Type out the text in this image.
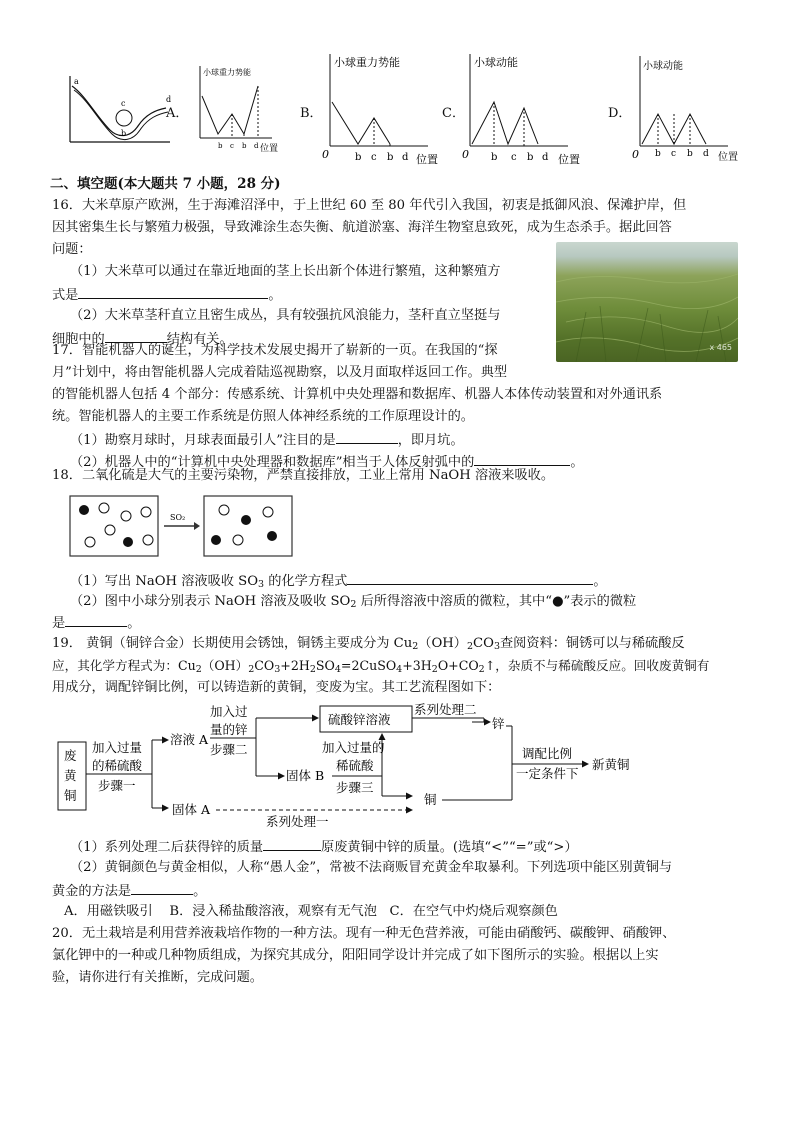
a
c
b
d
A．
小球重力势能
b c b d 位置
B．
小球重力势能
0	b c b d 位置
C．
小球动能
0 b c b d 位置
D．
小球动能
0 b c b d 位置
二、填空题(本大题共 7 小题，28 分)
16．大米草原产欧洲，生于海滩沼泽中，于上世纪 60 至 80 年代引入我国，初衷是抵御风浪、保滩护岸，但
因其密集生长与繁殖力极强，导致滩涂生态失衡、航道淤塞、海洋生物窒息致死，成为生态杀手。据此回答
问题：
（1）大米草可以通过在靠近地面的茎上长出新个体进行繁殖，这种繁殖方
式是	。
（2）大米草茎秆直立且密生成丛，具有较强抗风浪能力，茎秆直立坚挺与
细胞中的	结构有关。	x 465
17．智能机器人的诞生，为科学技术发展史揭开了崭新的一页。在我国的“探
月”计划中，将由智能机器人完成着陆巡视勘察，以及月面取样返回工作。典型
的智能机器人包括 4 个部分：传感系统、计算机中央处理器和数据库、机器人本体传动装置和对外通讯系
统。智能机器人的主要工作系统是仿照人体神经系统的工作原理设计的。
（1）勘察月球时，月球表面最引人”注目的是	，即月坑。
（2）机器人中的“计算机中央处理器和数据库”相当于人体反射弧中的	。
18．二氧化硫是大气的主要污染物，严禁直接排放，工业上常用 NaOH 溶液来吸收。
SO₂
（1）写出 NaOH 溶液吸收 $SO_3$ 的化学方程式	。
（2）图中小球分别表示 NaOH 溶液及吸收 $SO_2$ 后所得溶液中溶质的微粒，其中“●”表示的微粒
是	。
19． 黄铜（铜锌合金）长期使用会锈蚀，铜锈主要成分为 $Cu_2(OH)_2CO_3$查阅资料：铜锈可以与稀硫酸反
应，其化学方程式为：$Cu_2(OH)_2CO_3+2H_2SO_4=2CuSO_4+3H_2O+CO_2↑$，杂质不与稀硫酸反应。回收废黄铜有
用成分，调配锌铜比例，可以铸造新的黄铜，变废为宝。其工艺流程图如下：
废
黄
铜
加入过量
的稀硫酸
步骤一
溶液 A
加入过
量的锌
步骤二
硫酸锌溶液
系列处理二
锌
固体 B
加入过量的
稀硫酸
步骤三
铜
固体 A
系列处理一
调配比例
一定条件下
新黄铜
（1）系列处理二后获得锌的质量	原废黄铜中锌的质量。(选填“<”“=”或“>）
（2）黄铜颜色与黄金相似，人称“愚人金”，常被不法商贩冒充黄金牟取暴利。下列选项中能区别黄铜与
黄金的方法是	。
A．用磁铁吸引    B．浸入稀盐酸溶液，观察有无气泡   C．在空气中灼烧后观察颜色
20．无土栽培是利用营养液栽培作物的一种方法。现有一种无色营养液，可能由硝酸钙、碳酸钾、硝酸钾、
氯化钾中的一种或几种物质组成，为探究其成分，阳阳同学设计并完成了如下图所示的实验。根据以上实
验，请你进行有关推断，完成问题。
